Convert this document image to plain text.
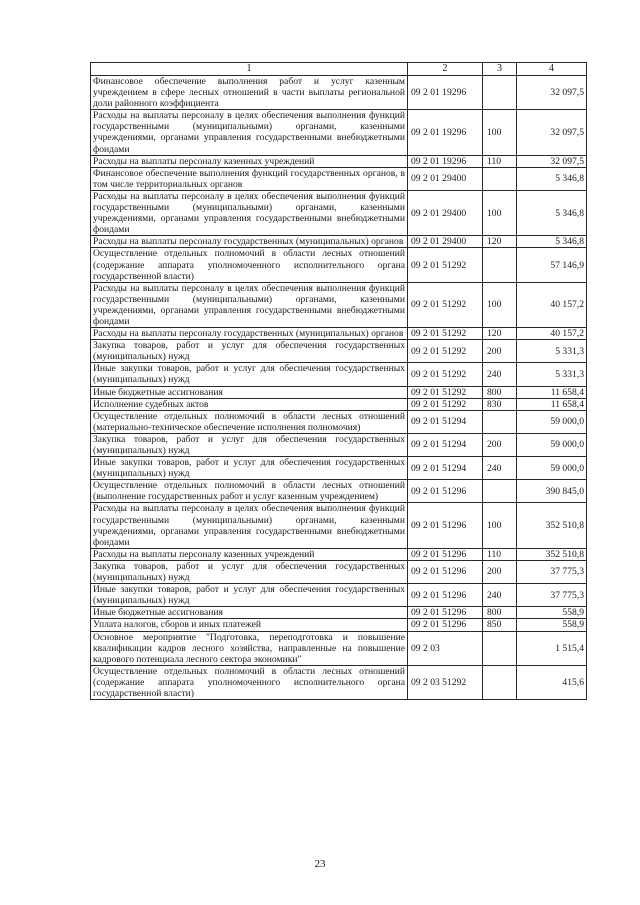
1	2	3	4
Финансовое обеспечение выполнения работ и услуг казенным учреждением в сфере лесных отношений в части выплаты региональной доли районного коэффициента	09 2 01 19296		32 097,5
Расходы на выплаты персоналу в целях обеспечения выполнения функций государственными (муниципальными) органами, казенными учреждениями, органами управления государственными внебюджетными фондами	09 2 01 19296	100	32 097,5
Расходы на выплаты персоналу казенных учреждений	09 2 01 19296	110	32 097,5
Финансовое обеспечение выполнения функций государственных органов, в том числе территориальных органов	09 2 01 29400		5 346,8
Расходы на выплаты персоналу в целях обеспечения выполнения функций государственными (муниципальными) органами, казенными учреждениями, органами управления государственными внебюджетными фондами	09 2 01 29400	100	5 346,8
Расходы на выплаты персоналу государственных (муниципальных) органов	09 2 01 29400	120	5 346,8
Осуществление отдельных полномочий в области лесных отношений (содержание аппарата уполномоченного исполнительного органа государственной власти)	09 2 01 51292		57 146,9
Расходы на выплаты персоналу в целях обеспечения выполнения функций государственными (муниципальными) органами, казенными учреждениями, органами управления государственными внебюджетными фондами	09 2 01 51292	100	40 157,2
Расходы на выплаты персоналу государственных (муниципальных) органов	09 2 01 51292	120	40 157,2
Закупка товаров, работ и услуг для обеспечения государственных (муниципальных) нужд	09 2 01 51292	200	5 331,3
Иные закупки товаров, работ и услуг для обеспечения государственных (муниципальных) нужд	09 2 01 51292	240	5 331,3
Иные бюджетные ассигнования	09 2 01 51292	800	11 658,4
Исполнение судебных актов	09 2 01 51292	830	11 658,4
Осуществление отдельных полномочий в области лесных отношений (материально-техническое обеспечение исполнения полномочия)	09 2 01 51294		59 000,0
Закупка товаров, работ и услуг для обеспечения государственных (муниципальных) нужд	09 2 01 51294	200	59 000,0
Иные закупки товаров, работ и услуг для обеспечения государственных (муниципальных) нужд	09 2 01 51294	240	59 000,0
Осуществление отдельных полномочий в области лесных отношений (выполнение государственных работ и услуг казенным учреждением)	09 2 01 51296		390 845,0
Расходы на выплаты персоналу в целях обеспечения выполнения функций государственными (муниципальными) органами, казенными учреждениями, органами управления государственными внебюджетными фондами	09 2 01 51296	100	352 510,8
Расходы на выплаты персоналу казенных учреждений	09 2 01 51296	110	352 510,8
Закупка товаров, работ и услуг для обеспечения государственных (муниципальных) нужд	09 2 01 51296	200	37 775,3
Иные закупки товаров, работ и услуг для обеспечения государственных (муниципальных) нужд	09 2 01 51296	240	37 775,3
Иные бюджетные ассигнования	09 2 01 51296	800	558,9
Уплата налогов, сборов и иных платежей	09 2 01 51296	850	558,9
Основное мероприятие "Подготовка, переподготовка и повышение квалификации кадров лесного хозяйства, направленные на повышение кадрового потенциала лесного сектора экономики"	09 2 03		1 515,4
Осуществление отдельных полномочий в области лесных отношений (содержание аппарата уполномоченного исполнительного органа государственной власти)	09 2 03 51292		415,6
23
